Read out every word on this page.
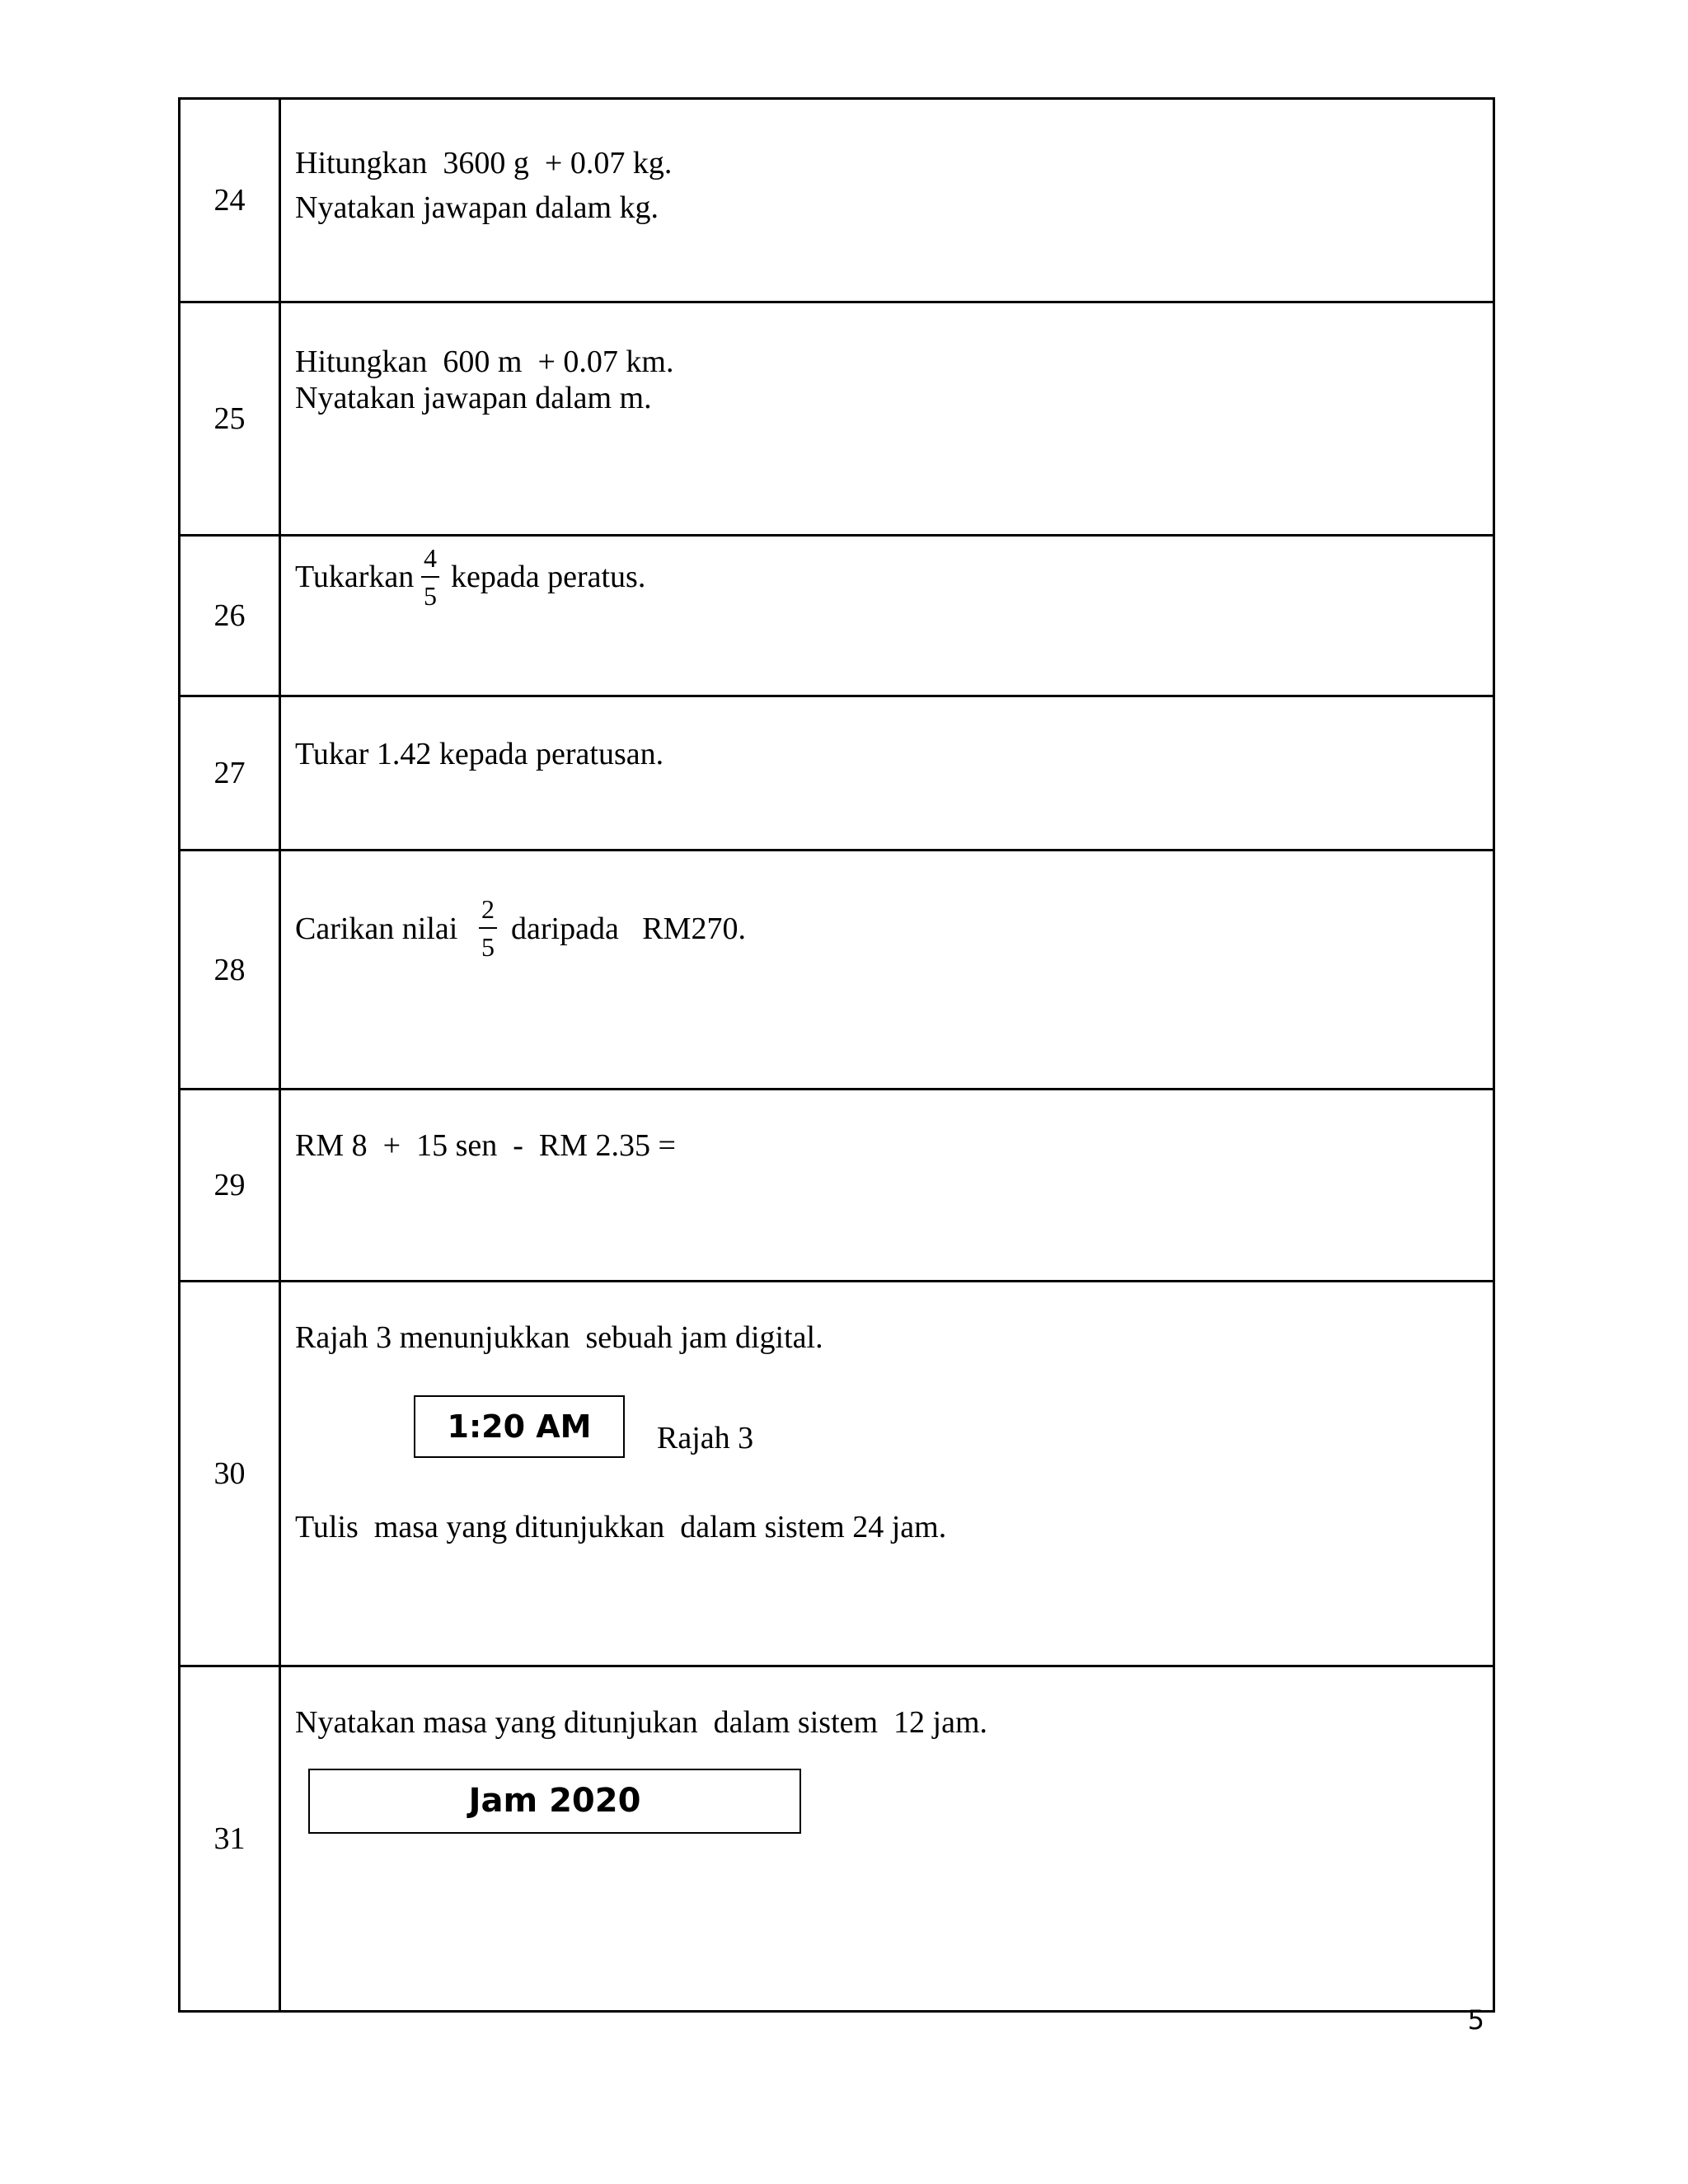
24	Hitungkan  3600 g  + 0.07 kg.
Nyatakan jawapan dalam kg.

25	Hitungkan  600 m  + 0.07 km.
Nyatakan jawapan dalam m.

26	Tukarkan
4
5
kepada peratus.

27	Tukar 1.42 kepada peratusan.

28	Carikan nilai
2
5
daripada   RM270.

29	RM 8  +  15 sen  -  RM 2.35 =

30	Rajah 3 menunjukkan  sebuah jam digital.
1:20 AM Rajah 3
Tulis  masa yang ditunjukkan  dalam sistem 24 jam.

31	Nyatakan masa yang ditunjukan  dalam sistem  12 jam.
Jam 2020
5
